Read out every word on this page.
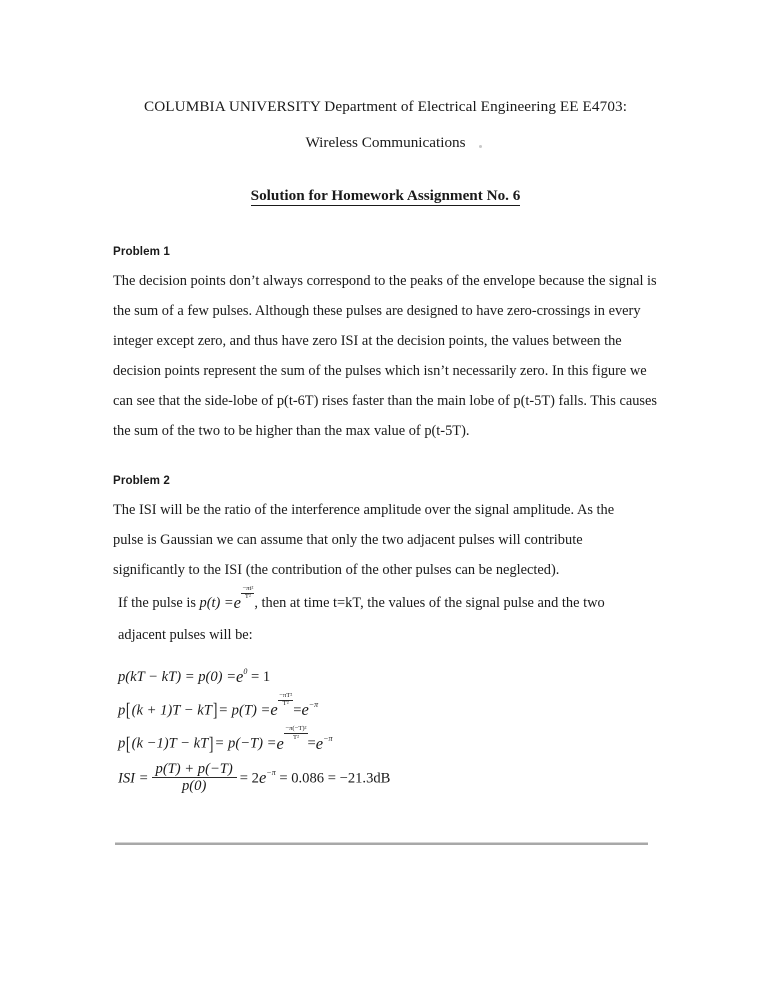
COLUMBIA UNIVERSITY Department of Electrical Engineering EE E4703:
Wireless Communications
Solution for Homework Assignment No. 6
Problem 1
The decision points don’t always correspond to the peaks of the envelope because the signal is
the sum of a few pulses. Although these pulses are designed to have zero-crossings in every
integer except zero, and thus have zero ISI at the decision points, the values between the
decision points represent the sum of the pulses which isn’t necessarily zero. In this figure we
can see that the side-lobe of p(t-6T) rises faster than the main lobe of p(t-5T) falls. This causes
the sum of the two to be higher than the max value of p(t-5T).
Problem 2
The ISI will be the ratio of the interference amplitude over the signal amplitude. As the
pulse is Gaussian we can assume that only the two adjacent pulses will contribute
significantly to the ISI (the contribution of the other pulses can be neglected).
If the pulse is $p(t) =e \frac{\text{−πt²}}{\text{T²}}$
, then at time t=kT, the values of the signal pulse and the two
adjacent pulses will be:
p(kT − kT) = p(0) =e0 = 1
$p[(k + 1)T - kT]= p(T) =e \frac{\text{−πT²}}{\text{T²}}$
=e−π
$p[(k -1)T - kT]= p(-T) =e \frac{\text{−π(−T)²}}{\text{T²}}$
=e−π
ISI = $\frac{p(T) + p(-T)}{p(0)} = 2e-\pi = 0.086 = -21.3dB$
